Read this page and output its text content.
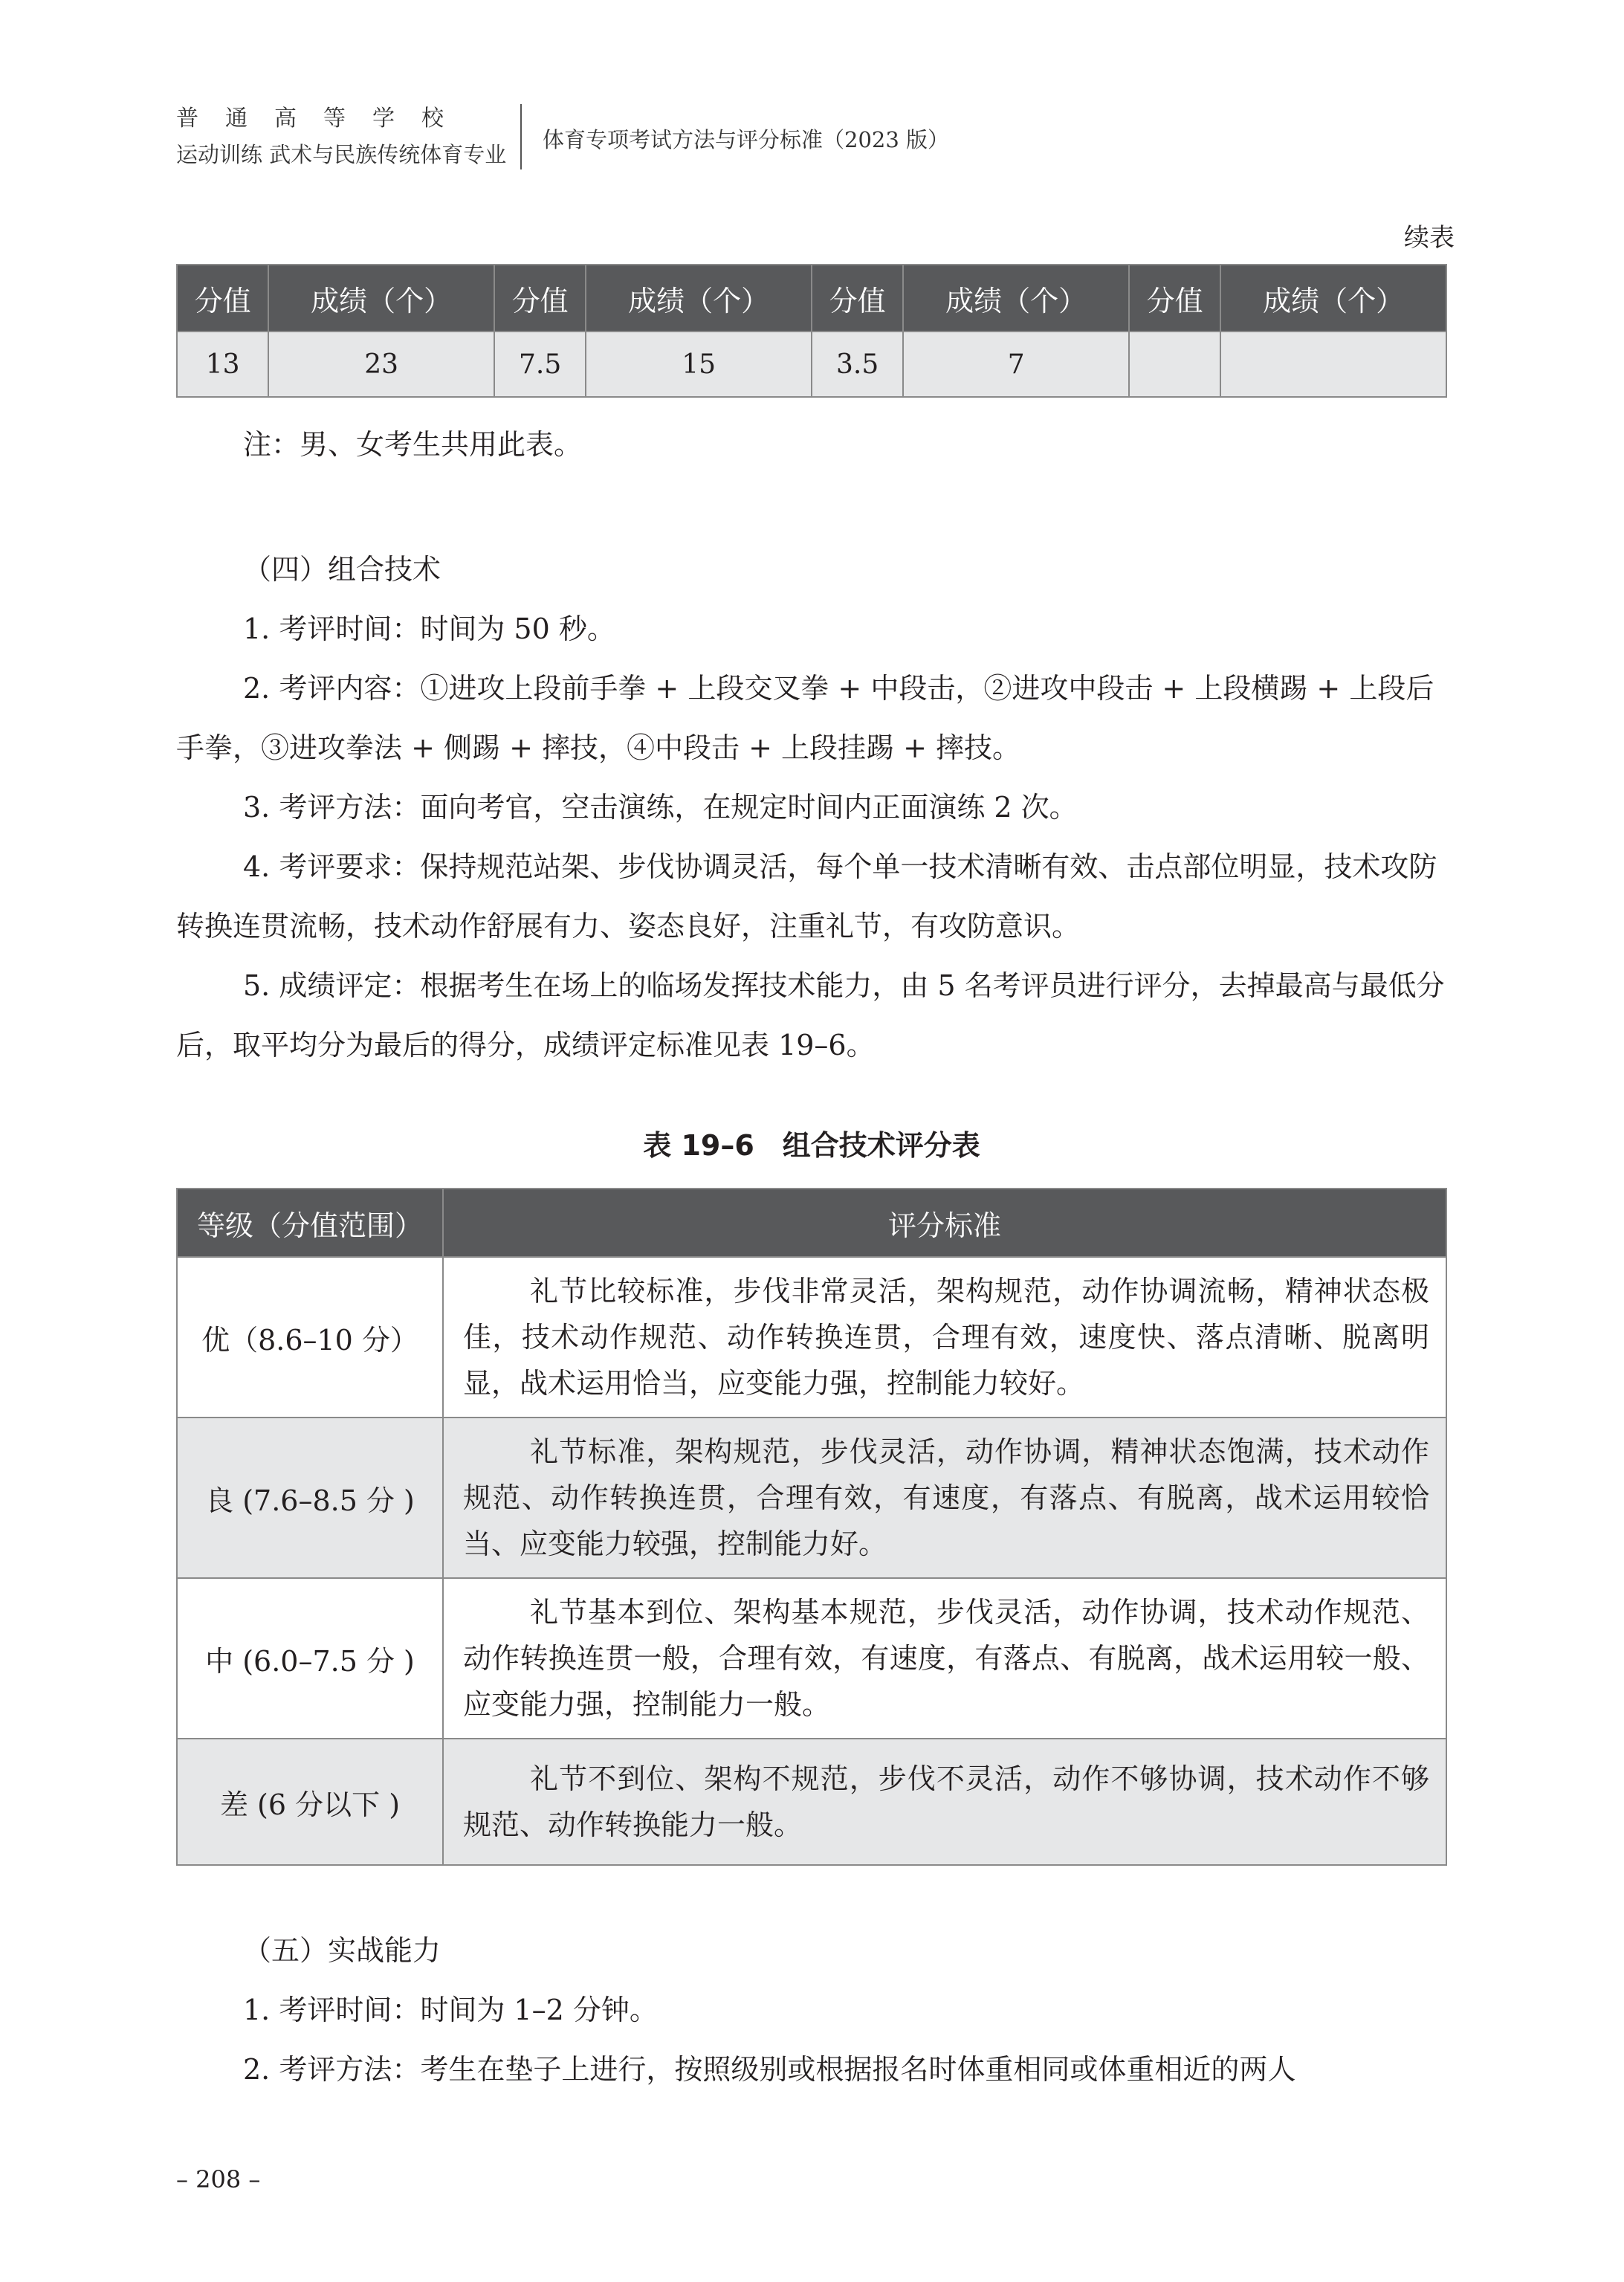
普通高等学校
运动训练 武术与民族传统体育专业
体育专项考试方法与评分标准（2023 版）
续表
分值	成绩（个）	分值	成绩（个）	分值	成绩（个）	分值	成绩（个）
13	23	7.5	15	3.5	7		
注：男、女考生共用此表。
（四）组合技术
1. 考评时间：时间为 50 秒。
2. 考评内容：①进攻上段前手拳 + 上段交叉拳 + 中段击，②进攻中段击 + 上段横踢 + 上段后手拳，③进攻拳法 + 侧踢 + 摔技，④中段击 + 上段挂踢 + 摔技。
3. 考评方法：面向考官，空击演练，在规定时间内正面演练 2 次。
4. 考评要求：保持规范站架、步伐协调灵活，每个单一技术清晰有效、击点部位明显，技术攻防转换连贯流畅，技术动作舒展有力、姿态良好，注重礼节，有攻防意识。
5. 成绩评定：根据考生在场上的临场发挥技术能力，由 5 名考评员进行评分，去掉最高与最低分后，取平均分为最后的得分，成绩评定标准见表 19–6。
表 19–6　组合技术评分表
等级（分值范围）	评分标准
优（8.6–10 分）	礼节比较标准，步伐非常灵活，架构规范，动作协调流畅，精神状态极佳，技术动作规范、动作转换连贯，合理有效，速度快、落点清晰、脱离明显，战术运用恰当，应变能力强，控制能力较好。

良 (7.6–8.5 分 )	礼节标准，架构规范，步伐灵活，动作协调，精神状态饱满，技术动作规范、动作转换连贯，合理有效，有速度，有落点、有脱离，战术运用较恰当、应变能力较强，控制能力好。

中 (6.0–7.5 分 )	礼节基本到位、架构基本规范，步伐灵活，动作协调，技术动作规范、动作转换连贯一般，合理有效，有速度，有落点、有脱离，战术运用较一般、应变能力强，控制能力一般。

差 (6 分以下 )	礼节不到位、架构不规范，步伐不灵活，动作不够协调，技术动作不够规范、动作转换能力一般。
（五）实战能力
1. 考评时间：时间为 1–2 分钟。
2. 考评方法：考生在垫子上进行，按照级别或根据报名时体重相同或体重相近的两人
– 208 –
